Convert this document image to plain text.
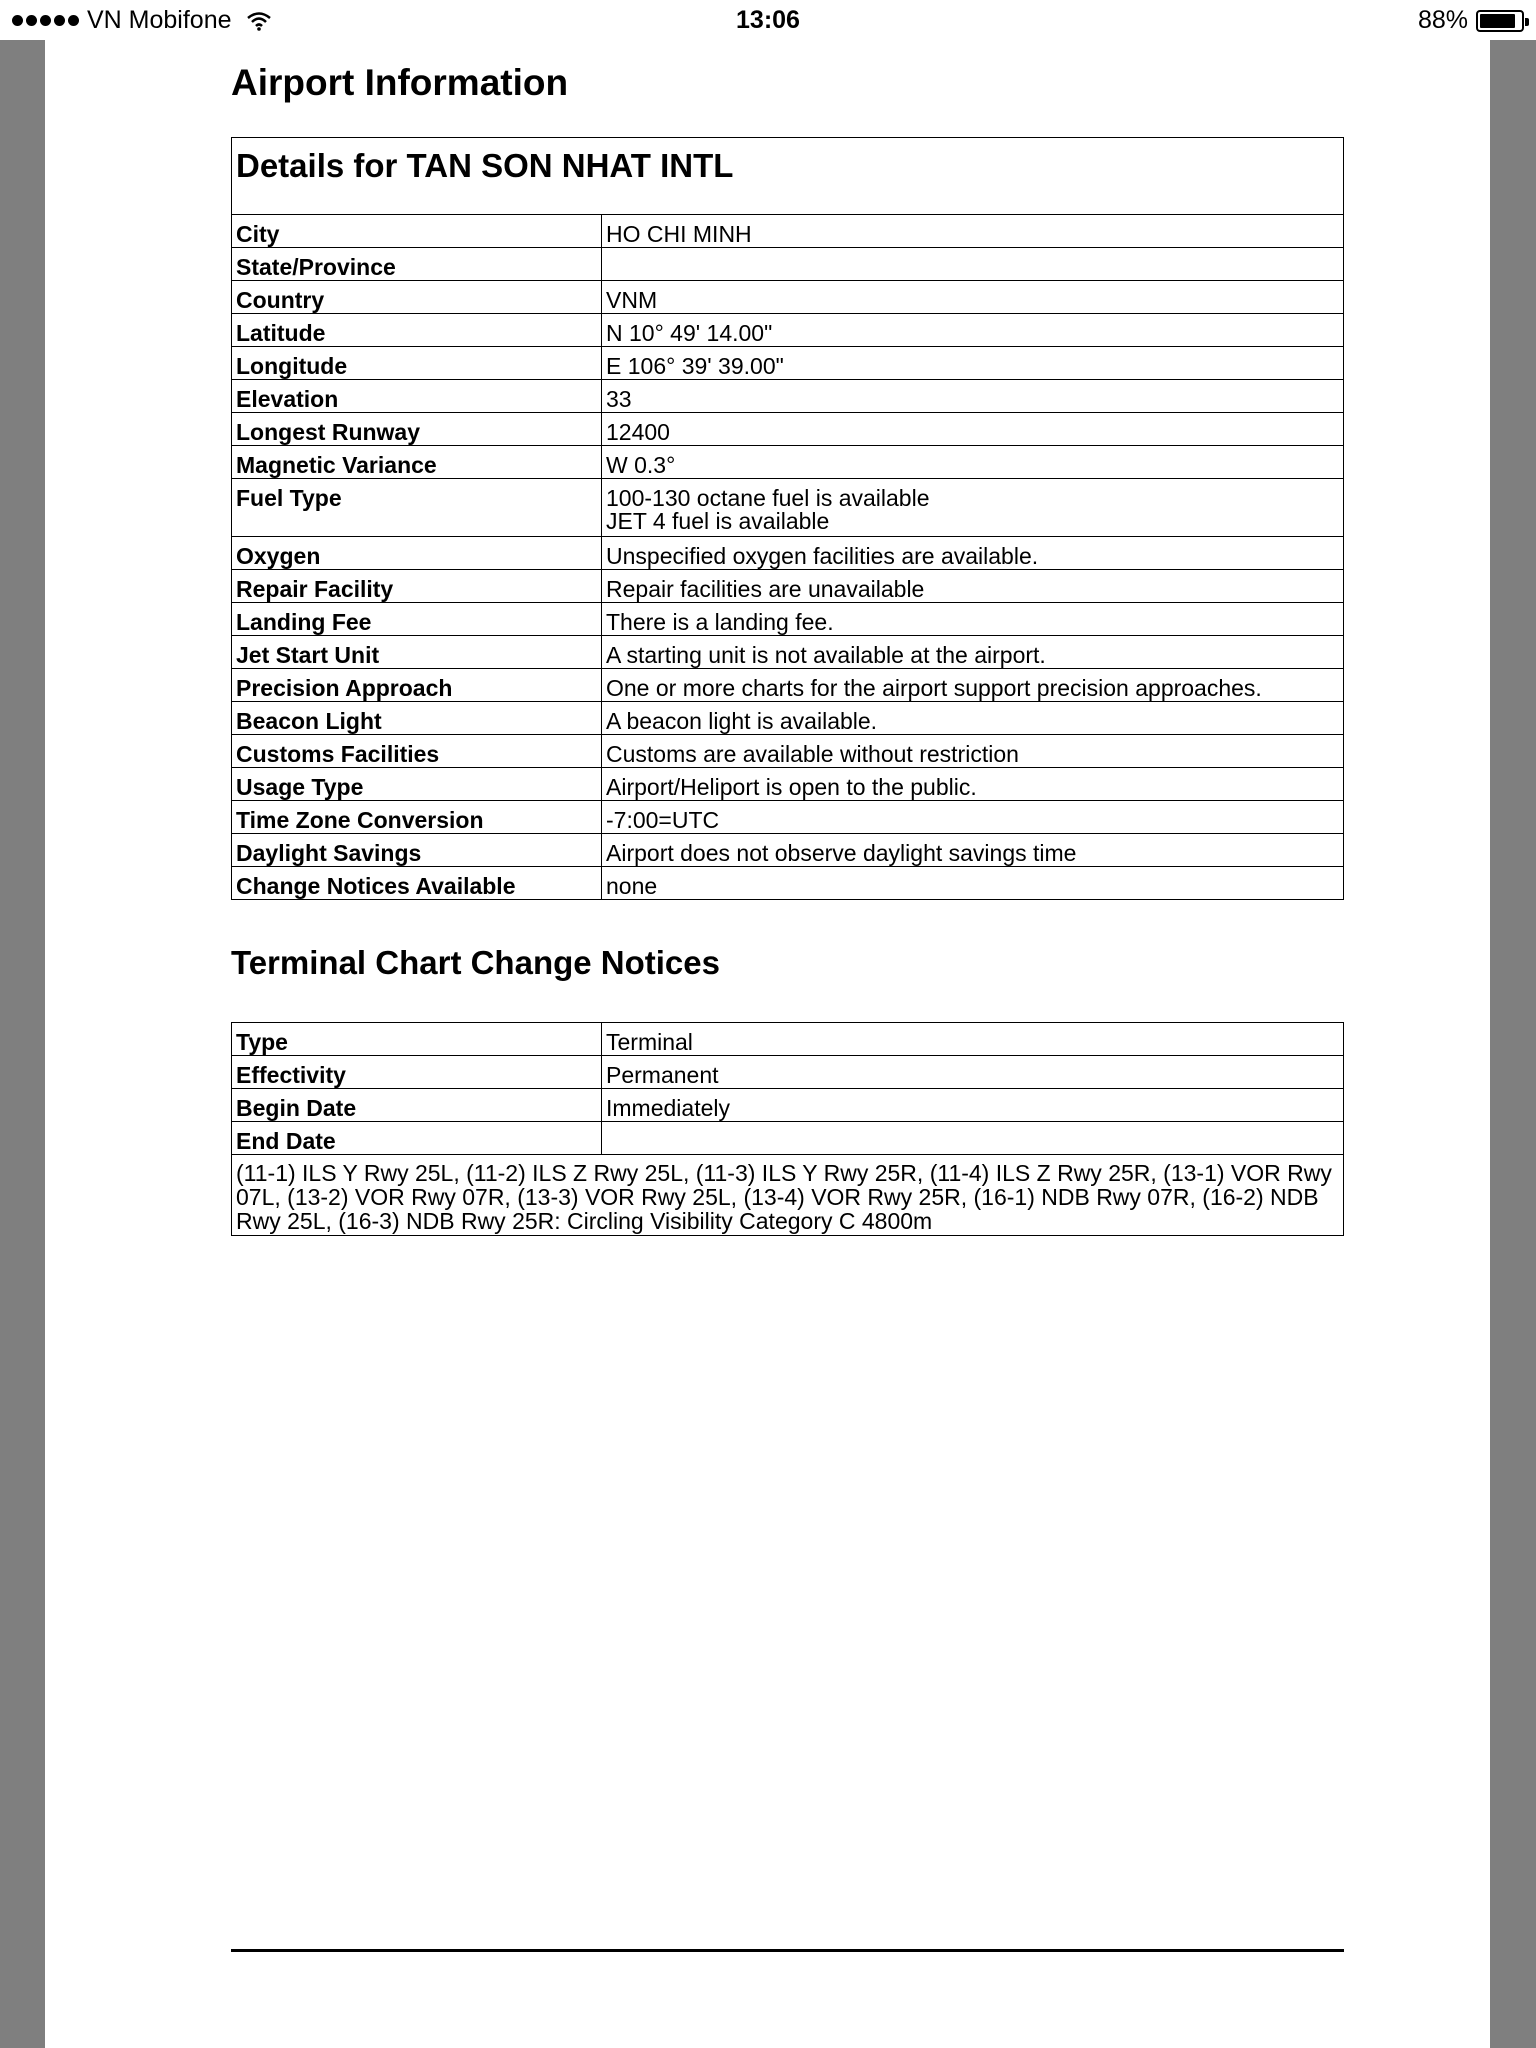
VN Mobifone	13:06	88%
Airport Information
Details for TAN SON NHAT INTL	
City	HO CHI MINH
State/Province	
Country	VNM
Latitude	N 10° 49' 14.00"
Longitude	E 106° 39' 39.00"
Elevation	33
Longest Runway	12400
Magnetic Variance	W 0.3°
Fuel Type	100-130 octane fuel is available
JET 4 fuel is available

Oxygen	Unspecified oxygen facilities are available.
Repair Facility	Repair facilities are unavailable
Landing Fee	There is a landing fee.
Jet Start Unit	A starting unit is not available at the airport.
Precision Approach	One or more charts for the airport support precision approaches.
Beacon Light	A beacon light is available.
Customs Facilities	Customs are available without restriction
Usage Type	Airport/Heliport is open to the public.
Time Zone Conversion	-7:00=UTC
Daylight Savings	Airport does not observe daylight savings time
Change Notices Available	none
Terminal Chart Change Notices
Type	Terminal
Effectivity	Permanent
Begin Date	Immediately
End Date	
(11-1) ILS Y Rwy 25L, (11-2) ILS Z Rwy 25L, (11-3) ILS Y Rwy 25R, (11-4) ILS Z Rwy 25R, (13-1) VOR Rwy 07L, (13-2) VOR Rwy 07R, (13-3) VOR Rwy 25L, (13-4) VOR Rwy 25R, (16-1) NDB Rwy 07R, (16-2) NDB Rwy 25L, (16-3) NDB Rwy 25R: Circling Visibility Category C 4800m	
